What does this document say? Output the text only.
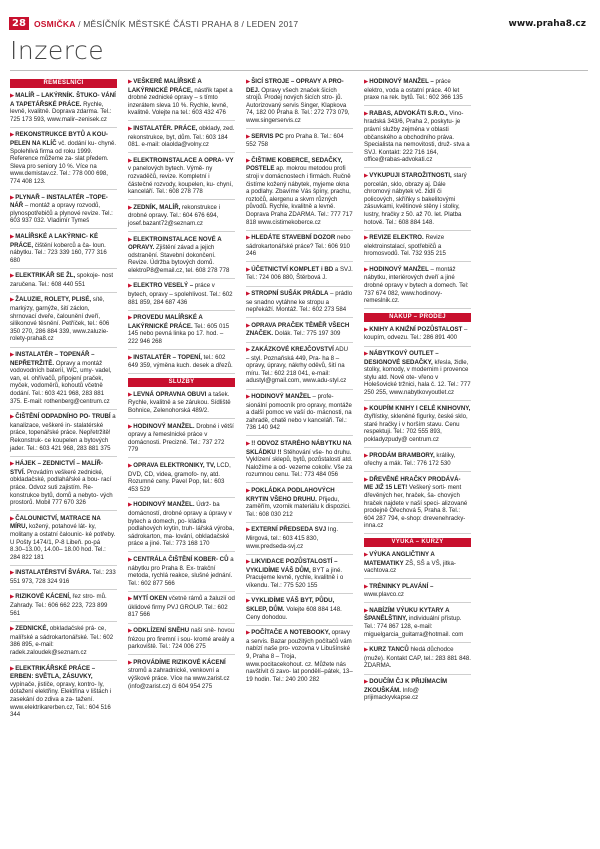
28 OSMIČKA / MĚSÍČNÍK MĚSTSKÉ ČÁSTI PRAHA 8 / LEDEN 2017	www.praha8.cz
Inzerce
ŘEMESLNÍCI
▶MALÍŘ – LAKÝRNÍK. ŠTUKO- VÁNÍ A TAPETÁŘSKÉ PRÁCE. Rychle, levně, kvalitně. Doprava zdarma. Tel.: 725 173 593, www.malir–zenisek.cz
▶REKONSTRUKCE BYTŮ A KOU- PELEN NA KLÍČ vč. dodání ku- chyně. Spolehlivá firma od roku 1999. Reference můžeme za- slat předem. Sleva pro seniory 10 %. Více na www.demistav.cz. Tel.: 778 000 698, 774 408 123.
▶PLYNAŘ – INSTALATÉR –TOPE- NÁŘ – montáž a opravy rozvodů, plynospotřebičů a plynové revize. Tel.: 603 937 032. Vladimír Tymeš
▶MALÍŘSKÉ A LAKÝRNIC- KÉ PRÁCE, čištění koberců a ča- loun. nábytku. Tel.: 723 339 160, 777 316 680
▶ELEKTRIKÁŘ SE ŽL, spokoje- nost zaručena. Tel.: 608 440 551
▶ŽALUZIE, ROLETY, PLISÉ, sítě, markýzy, garnýže, šití záclon, shrnovací dveře, čalounění dveří, silikonové těsnění. Petříček, tel.: 606 350 270, 286 884 339, www.zaluzie-rolety-praha8.cz
▶INSTALATÉR – TOPENÁŘ – NEPŘETRŽITĚ. Opravy a montáž vodovodních baterií, WC, umy- vadel, van, el. ohřívačů, připojení praček, myček, vodoměrů, kohoutů včetně dodání. Tel.: 603 421 968, 283 881 375. E-mail: rothenberg@centrum.cz
▶ČIŠTĚNÍ ODPADNÍHO PO- TRUBÍ a kanalizace, veškeré in- stalatérské práce, topenářské práce. Nepřetržitě! Rekonstruk- ce koupelen a bytových jader. Tel.: 603 421 968, 283 881 375
▶HÁJEK – ZEDNICTVÍ – MALÍŘ- STVÍ. Provádím veškeré zednické, obkladačské, podlahářské a bou- rací práce. Odvoz suti zajistím. Re- konstrukce bytů, domů a nebyto- vých prostorů. Mobil 777 670 326
▶ČALOUNICTVÍ, MATRACE NA MÍRU, kožený, potahové lát- ky, molitany a ostatní čalounic- ké potřeby. U Pošty 1474/1, P-8 Libeň. po-pá 8.30–13.00, 14.00– 18.00 hod. Tel.: 284 822 181
▶INSTALATÉRSTVÍ ŠVÁRA. Tel.: 233 551 973, 728 324 916
▶RIZIKOVÉ KÁCENÍ, řez stro- mů. Zahrady. Tel.: 606 662 223, 723 899 561
▶ZEDNICKÉ, obkladačské prá- ce, malířské a sádrokartonářské. Tel.: 602 386 895, e-mail: radek.zaloudek@seznam.cz
▶ELEKTRIKÁŘSKÉ PRÁCE – ERBEN: SVĚTLA, ZÁSUVKY, vypínače, jističe, opravy, kontro- ly, dotažení elektřiny. Elektřina v lištách i zasekání do zdiva a za- tažení. www.elektrikarerben.cz, Tel.: 604 516 344
▶VEŠKERÉ MALÍŘSKÉ A LAKÝRNICKÉ PRÁCE, nástřik tapet a drobné zednické opravy – s tímto inzerátem sleva 10 %. Rychle, levně, kvalitně. Volejte na tel.: 603 432 476
▶INSTALATÉR. PRÁCE, obklady, zed. rekonstrukce, byt, dům. Tel.: 603 184 081. e-mail: olaolda@volny.cz
▶ELEKTROINSTALACE A OPRA- VY v panelových bytech. Výmě- ny rozvaděčů, revize. Kompletní i částečné rozvody, koupelen, ku- chyní, kanceláří. Tel.: 608 278 778
▶ZEDNÍK, MALÍŘ, rekonstrukce i drobné opravy. Tel.: 604 676 694, josef.bazant72@seznam.cz
▶ELEKTROINSTALACE NOVÉ A OPRAVY. Zjištění závad a jejich odstranění. Stavební dokončení. Revize. Údržba bytových domů. elektroP8@email.cz, tel. 608 278 778
▶ELEKTRO VESELÝ – práce v bytech, opravy – spolehlivost. Tel.: 602 881 859, 284 687 436
▶PROVEDU MALÍŘSKÉ A LAKÝRNICKÉ PRÁCE. Tel.: 605 015 145 nebo pevná linka po 17. hod. – 222 946 268
▶INSTALATÉR – TOPENÍ, tel.: 602 649 359, výměna kuch. desek a dřezů.
SLUŽBY
▶LEVNÁ OPRAVNA OBUVI a tašek. Rychle, kvalitně a se zárukou. Sídliště Bohnice, Zelenohorská 489/2.
▶HODINOVÝ MANŽEL. Drobné i větší opravy a řemeslnické práce v domácnosti. Precizně. Tel.: 737 272 779
▶OPRAVA ELEKTRONIKY, TV, LCD, DVD, CD, videa, gramofo- ny, atd. Rozumné ceny. Pavel Pop, tel.: 603 453 529
▶HODINOVÝ MANŽEL. Údrž- ba domácností, drobné opravy a úpravy v bytech a domech, po- kládka podlahových krytin, truh- lářská výroba, sádrokarton, ma- lování, obkladačské práce a jiné. Tel.: 773 168 170
▶CENTRÁLA ČIŠTĚNÍ KOBER- CŮ a nábytku pro Praha 8. Ex- trakční metoda, rychlá reakce, slušné jednání. Tel.: 602 877 566
▶MYTÍ OKEN včetně rámů a žaluzií od úklidové firmy PVJ GROUP. Tel.: 602 817 566
▶ODKLÍZENÍ SNĚHU naší sně- hovou frézou pro firemní i sou- kromé areály a parkoviště. Tel.: 724 006 275
▶PROVÁDÍME RIZIKOVÉ KÁCENÍ stromů a zahradnické, venkovní a výškové práce. Více na www.zarist.cz (info@zarist.cz) či 604 954 275
▶ŠICÍ STROJE – OPRAVY A PRO- DEJ. Opravy všech značek šicích strojů. Prodej nových šicích stro- jů. Autorizovaný servis Singer, Klapkova 74, 182 00 Praha 8. Tel.: 272 773 079, www.singerservis.cz
▶SERVIS PC pro Praha 8. Tel.: 604 552 758
▶ČIŠTIME KOBERCE, SEDAČKY, POSTELE ap. mokrou metodou profi stroji v domácnostech i firmách. Ručně čistíme kožený nábytek, myjeme okna a podlahy. Zbavíme Vás špíny, prachu, roztočů, alergenu a skvrn různých původů. Rychle, kvalitně a levně. Doprava Praha ZDARMA. Tel.: 777 717 818 www.cistimekoberce.cz
▶HLEDÁTE STAVEBNÍ DOZOR nebo sádrokartonářské práce? Tel.: 606 910 246
▶ÚČETNICTVÍ KOMPLET i BD a SVJ. Tel.: 724 006 880, Štěrbová J.
▶STROPNÍ SUŠÁK PRÁDLA – prádlo se snadno vytáhne ke stropu a nepřekáží. Montáž. Tel.: 602 273 584
▶OPRAVA PRAČEK TĚMĚŘ VŠECH ZNAČEK. Dolák. Tel.: 775 197 309
▶ZAKÁZKOVÉ KREJČOVSTVÍ ADU – styl. Poznaňská 449, Pra- ha 8 – opravy, úpravy, nákrhy oděvů, šití na míru. Tel.: 602 218 041, e-mail: adustyl@gmail.com, www.adu-styl.cz
▶HODINOVÝ MANŽEL – profe- sionální pomocník pro opravy, montáže a další pomoc ve vaší do- mácnosti, na zahradě, chatě nebo v kanceláři. Tel.: 736 140 942
▶!! ODVOZ STARÉHO NÁBYTKU NA SKLÁDKU !! Stěhování vše- ho druhu. Vyklízení sklepů, bytů, pozůstalostí atd. Naložíme a od- vezeme cokoliv. Vše za rozumnou cenu. Tel.: 773 484 056
▶POKLÁDKA PODLAHOVÝCH KRYTIN VŠEHO DRUHU. Přijedu, zaměřím, vzornik materiálu k dispozici. Tel.: 608 030 212
▶EXTERNÍ PŘEDSEDA SVJ Ing. Mirgová, tel.: 603 415 830, www.predseda-svj.cz
▶LIKVIDACE POZŮSTALOSTÍ – VYKLIDÍME VÁŠ DŮM, BYT a jiné. Pracujeme levně, rychle, kvalitně i o víkendu. Tel.: 775 520 155
▶VYKLIDÍME VÁŠ BYT, PŮDU, SKLEP, DŮM. Volejte 608 884 148. Ceny dohodou.
▶POČÍTAČE A NOTEBOOKY, opravy a servis. Bazar použitých počítačů vám nabízí naše pro- vozovna v Libušínské 9, Praha 8 – Troja, www.pocitacekohout. cz. Můžete nás navštívit či zavo- lat pondělí–pátek, 13–19 hodin. Tel.: 240 200 282
▶HODINOVÝ MANŽEL – práce elektro, voda a ostatní práce. 40 let praxe na rek. bytů. Tel.: 602 366 135
▶RABAS, ADVOKÁTI S.R.O., Vino- hradská 343/6, Praha 2, poskytu- je právní služby zejména v oblasti občanského a obchodního práva. Specialista na nemovitosti, druž- stva a SVJ. Kontakt: 222 716 164, office@rabas-advokati.cz
▶VYKUPUJI STAROŽITNOSTI, starý porcelán, sklo, obrazy aj. Dále chromový nábytek vč. židlí či policových, skříňky s bakelitovými zásuvkami, květinové stěny i stolky, lustry, hračky z 50. až 70. let. Platba hotově. Tel.: 608 884 148.
▶REVIZE ELEKTRO. Revize elektroinstalací, spotřebičů a hromosvodů. Tel. 732 935 215
▶HODINOVÝ MANŽEL – montáž nábytku, interiérových dveří a jiné drobné opravy v bytech a domech. Tel: 737 674 082, www.hodinovy-remeslnik.cz.
NÁKUP – PRODEJ
▶KNIHY A KNIŽNÍ POZŮSTALOST – koupím, odvezu. Tel.: 286 891 400
▶NÁBYTKOVÝ OUTLET – DESIGNOVÉ SEDAČKY, křesla, židle, stolky, komody, v modernim i provence stylu atd. Nově ote- vřeno v Holešovické tržnici, hala č. 12. Tel.: 777 250 255, www.nabytkovyoutlet.cz
▶KOUPÍM KNIHY I CELÉ KNIHOVNY, čtyřlístky, skleněné figurky, české sklo, staré hračky i v horším stavu. Cenu respektuji. Tel.: 702 555 893, pokladyzpudy@ centrum.cz
▶PRODÁM BRAMBORY, králíky, ořechy a mák. Tel.: 776 172 530
▶DŘEVĚNÉ HRAČKY PRODÁVÁ- ME JIŽ 15 LET! Veškerý sorti- ment dřevěných her, hraček, ša- chových hraček najdete v naší speci- alizované prodejně Ořechová 5, Praha 8. Tel.: 604 287 794, e-shop: drevenehracky-inna.cz
VÝUKA – KURZY
▶VÝUKA ANGLIČTINY A MATEMATIKY ZŠ, SŠ a VŠ, jitka-vachtova.cz
▶TRÉNINKY PLAVÁNÍ – www.plavco.cz
▶NABÍZÍM VÝUKU KYTARY A ŠPANĚLŠTINY, individuální přístup. Tel.: 774 867 128, e-mail: miguelgarcia_guitarra@hotmail. com
▶KURZ TANCŮ hledá důchodce (muže). Kontakt CAP, tel.: 283 881 848. ZDARMA.
▶DOUČÍM ČJ K PŘIJÍMACÍM ZKOUŠKÁM. Info@ prijimackyvkapse.cz
